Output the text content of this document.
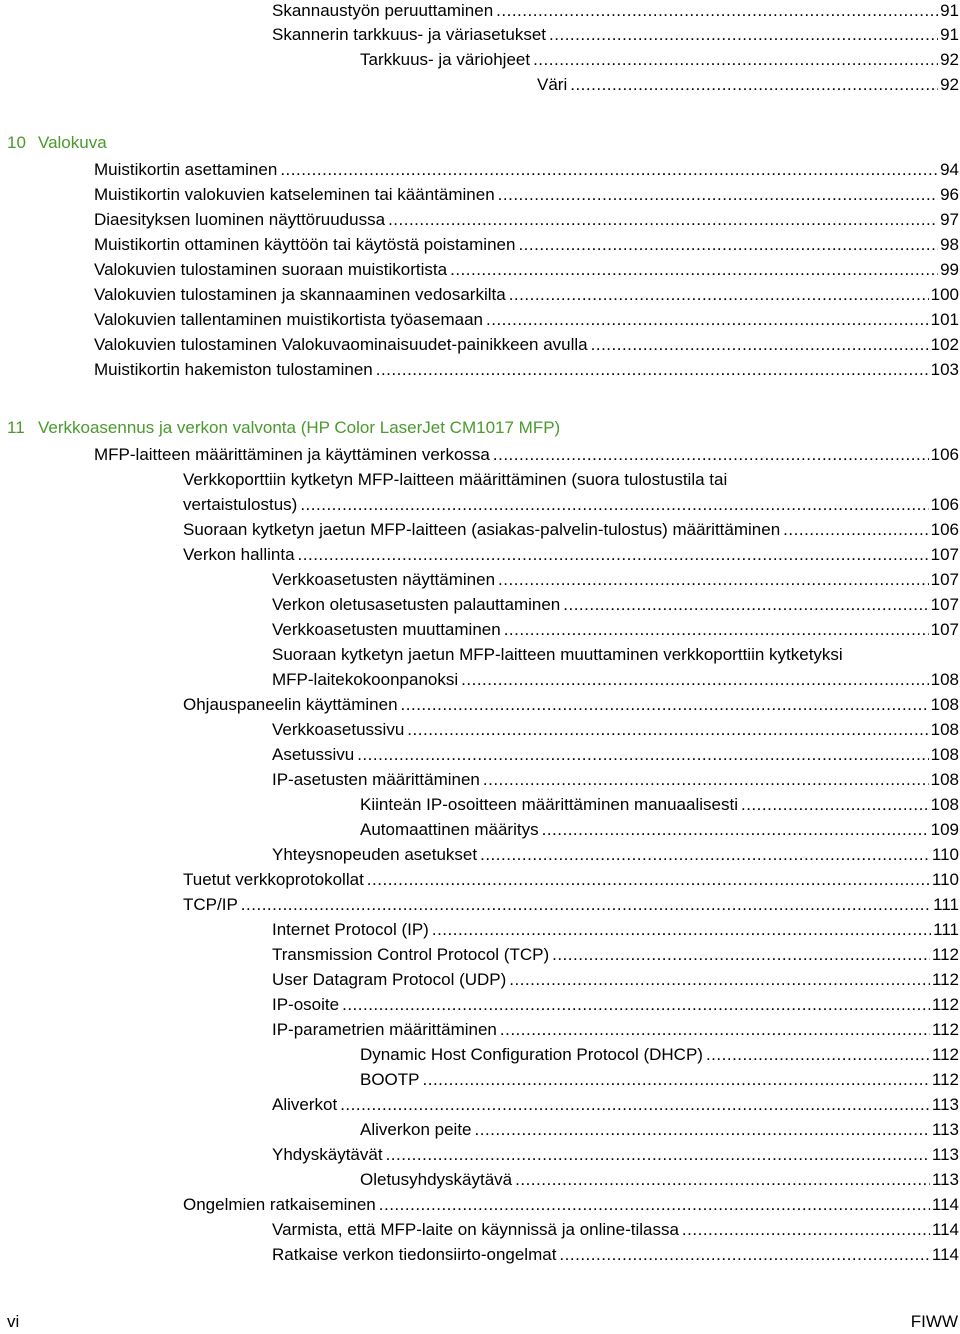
Skannaustyön peruuttaminen .....	91
Skannerin tarkkuus- ja väriasetukset .....	91
Tarkkuus- ja väriohjeet .....	92
Väri .....	92
10 Valokuva
Muistikortin asettaminen .....	94
Muistikortin valokuvien katseleminen tai kääntäminen .....	96
Diaesityksen luominen näyttöruudussa .....	97
Muistikortin ottaminen käyttöön tai käytöstä poistaminen .....	98
Valokuvien tulostaminen suoraan muistikortista .....	99
Valokuvien tulostaminen ja skannaaminen vedosarkilta .....	100
Valokuvien tallentaminen muistikortista työasemaan .....	101
Valokuvien tulostaminen Valokuvaominaisuudet-painikkeen avulla .....	102
Muistikortin hakemiston tulostaminen .....	103
11 Verkkoasennus ja verkon valvonta (HP Color LaserJet CM1017 MFP)
MFP-laitteen määrittäminen ja käyttäminen verkossa .....	106
Verkkoporttiin kytketyn MFP-laitteen määrittäminen (suora tulostustila tai
vertaistulostus) .....	106
Suoraan kytketyn jaetun MFP-laitteen (asiakas-palvelin-tulostus) määrittäminen .....	106
Verkon hallinta .....	107
Verkkoasetusten näyttäminen .....	107
Verkon oletusasetusten palauttaminen .....	107
Verkkoasetusten muuttaminen .....	107
Suoraan kytketyn jaetun MFP-laitteen muuttaminen verkkoporttiin kytketyksi
MFP-laitekokoonpanoksi .....	108
Ohjauspaneelin käyttäminen .....	108
Verkkoasetussivu .....	108
Asetussivu .....	108
IP-asetusten määrittäminen .....	108
Kiinteän IP-osoitteen määrittäminen manuaalisesti .....	108
Automaattinen määritys .....	109
Yhteysnopeuden asetukset .....	110
Tuetut verkkoprotokollat .....	110
TCP/IP .....	111
Internet Protocol (IP) .....	111
Transmission Control Protocol (TCP) .....	112
User Datagram Protocol (UDP) .....	112
IP-osoite .....	112
IP-parametrien määrittäminen .....	112
Dynamic Host Configuration Protocol (DHCP) .....	112
BOOTP .....	112
Aliverkot .....	113
Aliverkon peite .....	113
Yhdyskäytävät .....	113
Oletusyhdyskäytävä .....	113
Ongelmien ratkaiseminen .....	114
Varmista, että MFP-laite on käynnissä ja online-tilassa .....	114
Ratkaise verkon tiedonsiirto-ongelmat .....	114
vi	FIWW
